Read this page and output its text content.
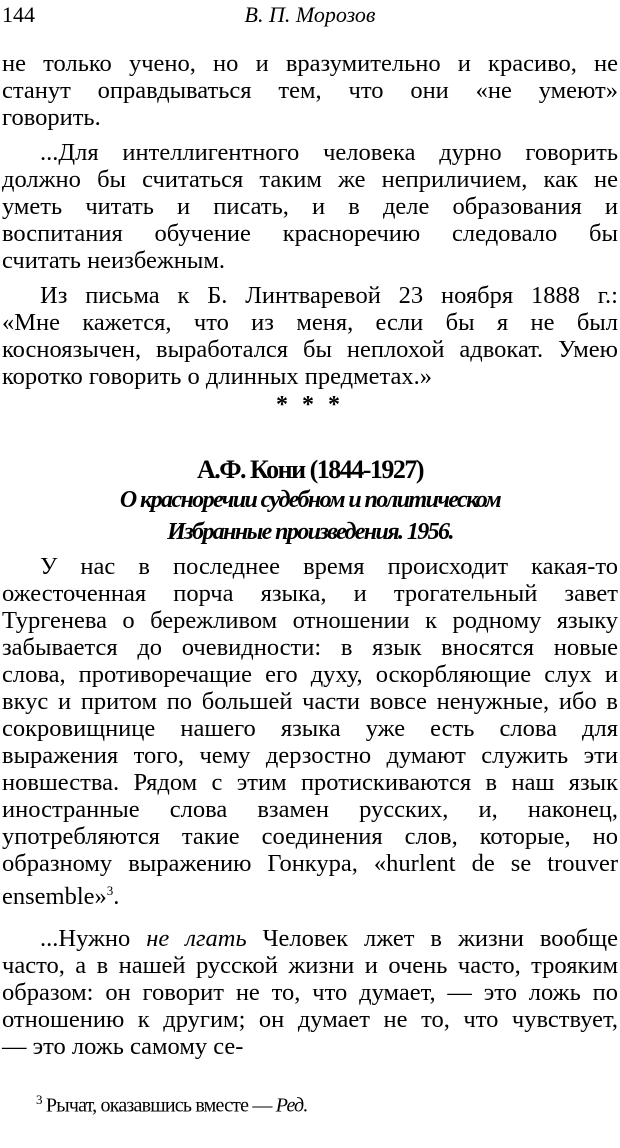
144	В. П. Морозов
не только учено, но и вразумительно и красиво, не
станут оправдываться тем, что они «не умеют»
говорить.
...Для интеллигентного человека дурно говорить
должно бы считаться таким же неприличием, как не
уметь читать и писать, и в деле образования и
воспитания обучение красноречию следовало бы
считать неизбежным.
Из письма к Б. Линтваревой 23 ноября 1888 г.:
«Мне кажется, что из меня, если бы я не был
косноязычен, выработался бы неплохой адвокат. Умею
коротко говорить о длинных предметах.»
* * *
А.Ф. Кони (1844-1927)
О красноречии судебном и политическом
Избранные произведения. 1956.
У нас в последнее время происходит какая-то
ожесточенная порча языка, и трогательный завет
Тургенева о бережливом отношении к родному языку
забывается до очевидности: в язык вносятся новые
слова, противоречащие его духу, оскорбляющие слух и
вкус и притом по большей части вовсе ненужные, ибо в
сокровищнице нашего языка уже есть слова для
выражения того, чему дерзостно думают служить эти
новшества. Рядом с этим протискиваются в наш язык
иностранные слова взамен русских, и, наконец,
употребляются такие соединения слов, которые, но
образному выражению Гонкура, «hurlent de se trouver
ensemble»$^3$.
...Нужно не лгать Человек лжет в жизни вообще
часто, а в нашей русской жизни и очень часто, трояким
образом: он говорит не то, что думает, — это ложь по
отношению к другим; он думает не то, что чувствует,
— это ложь самому се-
$^3$ Рычат, оказавшись вместе — Ред.
